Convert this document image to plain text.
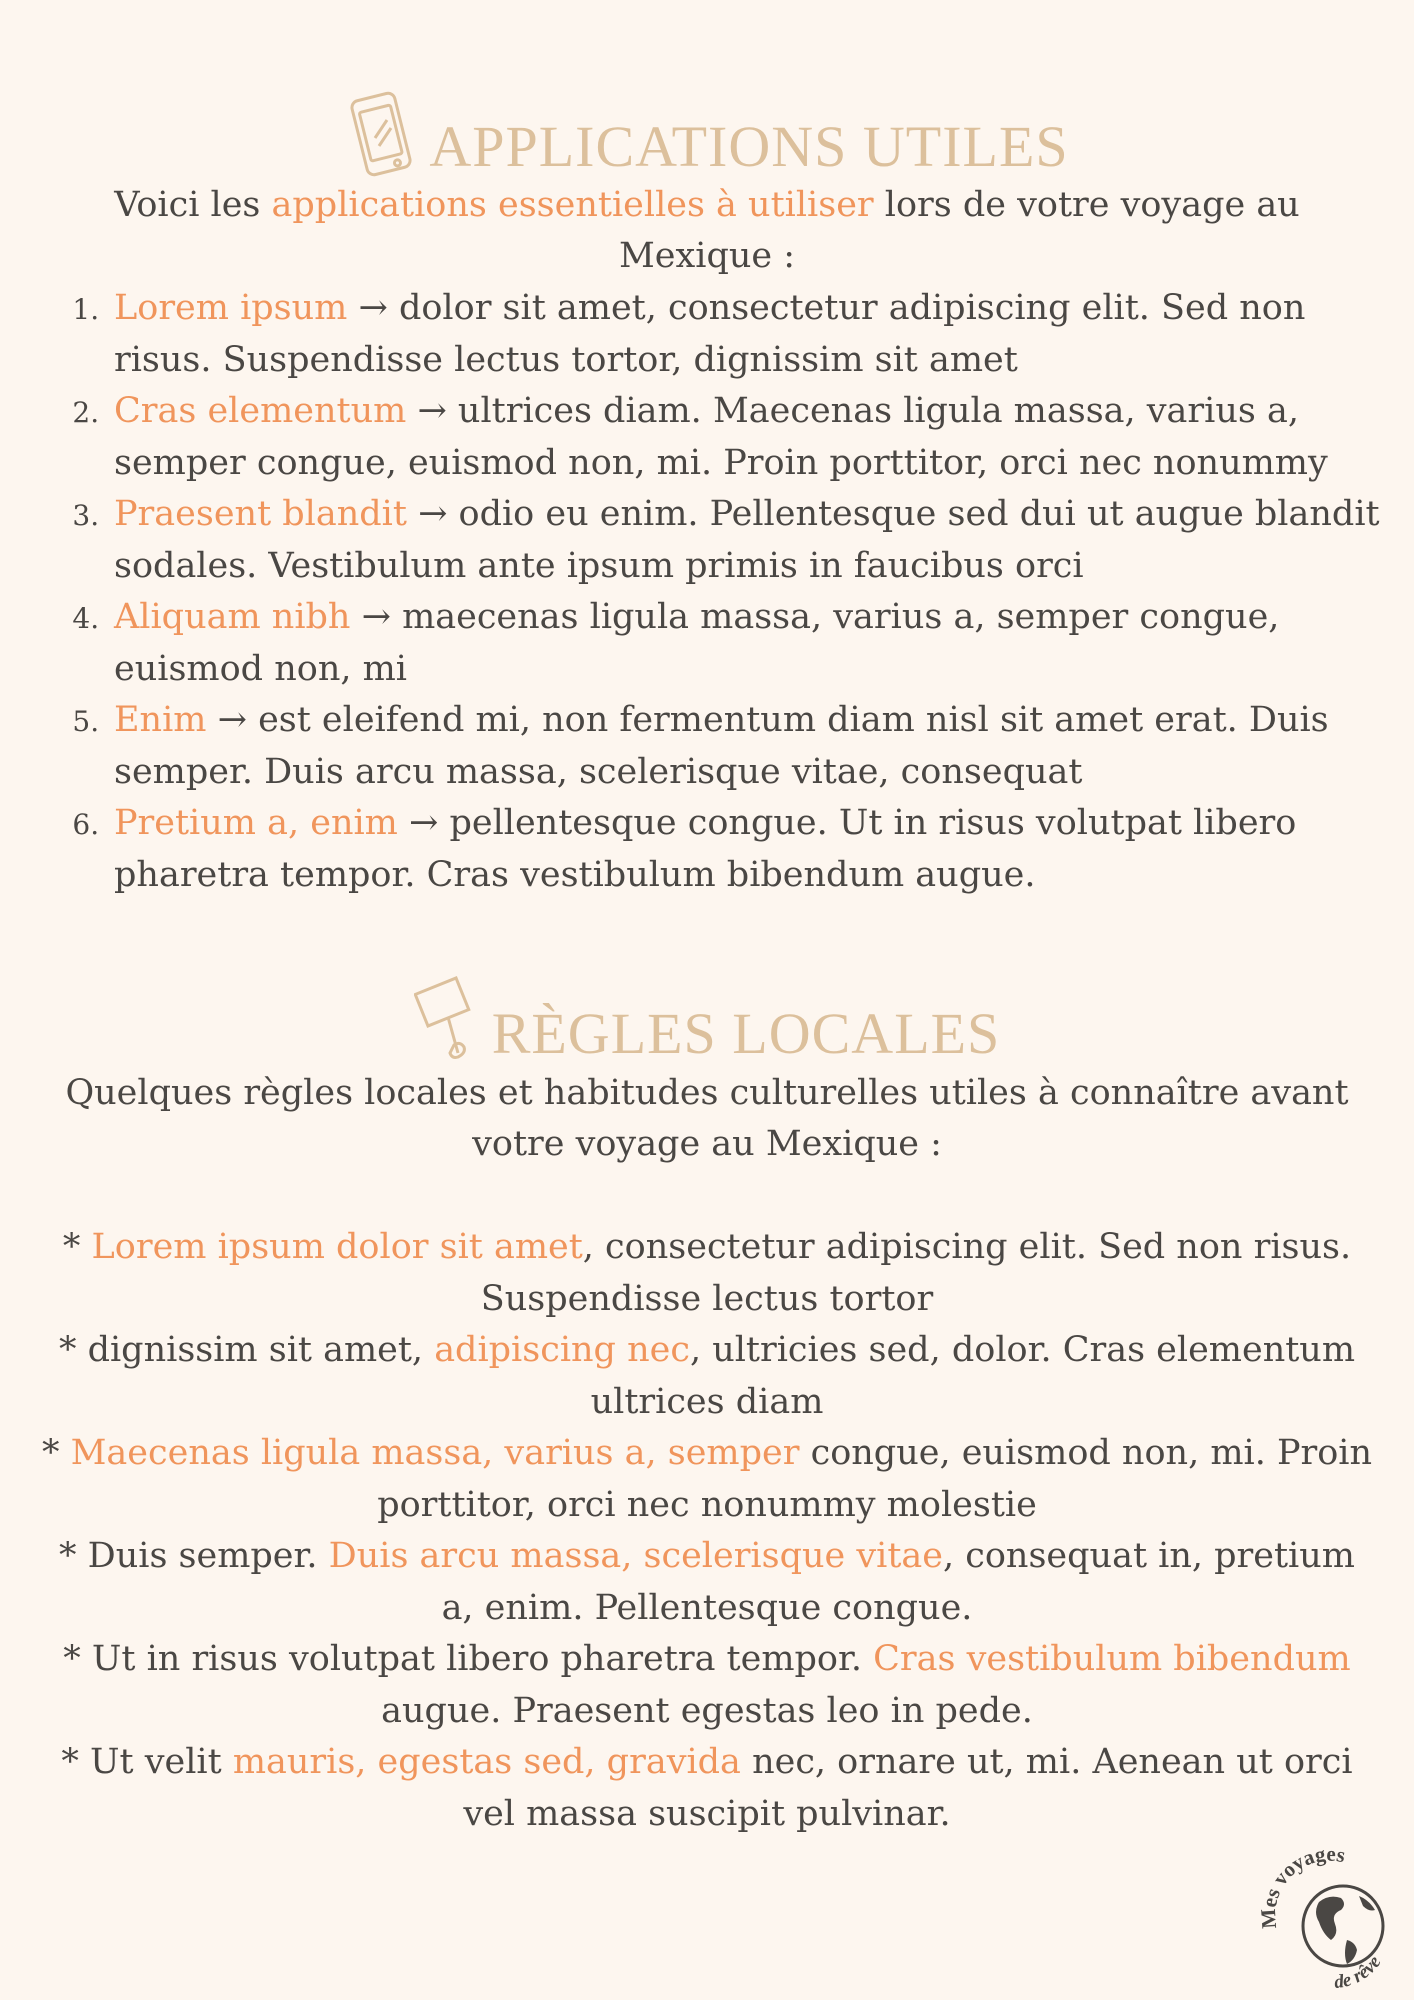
APPLICATIONS UTILES
Voici les applications essentielles à utiliser lors de votre voyage au Mexique :
1. Lorem ipsum → dolor sit amet, consectetur adipiscing elit. Sed non risus. Suspendisse lectus tortor, dignissim sit amet
2. Cras elementum → ultrices diam. Maecenas ligula massa, varius a, semper congue, euismod non, mi. Proin porttitor, orci nec nonummy
3. Praesent blandit → odio eu enim. Pellentesque sed dui ut augue blandit sodales. Vestibulum ante ipsum primis in faucibus orci
4. Aliquam nibh → maecenas ligula massa, varius a, semper congue, euismod non, mi
5. Enim → est eleifend mi, non fermentum diam nisl sit amet erat. Duis semper. Duis arcu massa, scelerisque vitae, consequat
6. Pretium a, enim → pellentesque congue. Ut in risus volutpat libero pharetra tempor. Cras vestibulum bibendum augue.
RÈGLES LOCALES
Quelques règles locales et habitudes culturelles utiles à connaître avant votre voyage au Mexique :

* Lorem ipsum dolor sit amet, consectetur adipiscing elit. Sed non risus. Suspendisse lectus tortor

* dignissim sit amet, adipiscing nec, ultricies sed, dolor. Cras elementum ultrices diam

* Maecenas ligula massa, varius a, semper congue, euismod non, mi. Proin porttitor, orci nec nonummy molestie

* Duis semper. Duis arcu massa, scelerisque vitae, consequat in, pretium a, enim. Pellentesque congue.

* Ut in risus volutpat libero pharetra tempor. Cras vestibulum bibendum augue. Praesent egestas leo in pede.

* Ut velit mauris, egestas sed, gravida nec, ornare ut, mi. Aenean ut orci vel massa suscipit pulvinar.

Mes voyages
de rêve
